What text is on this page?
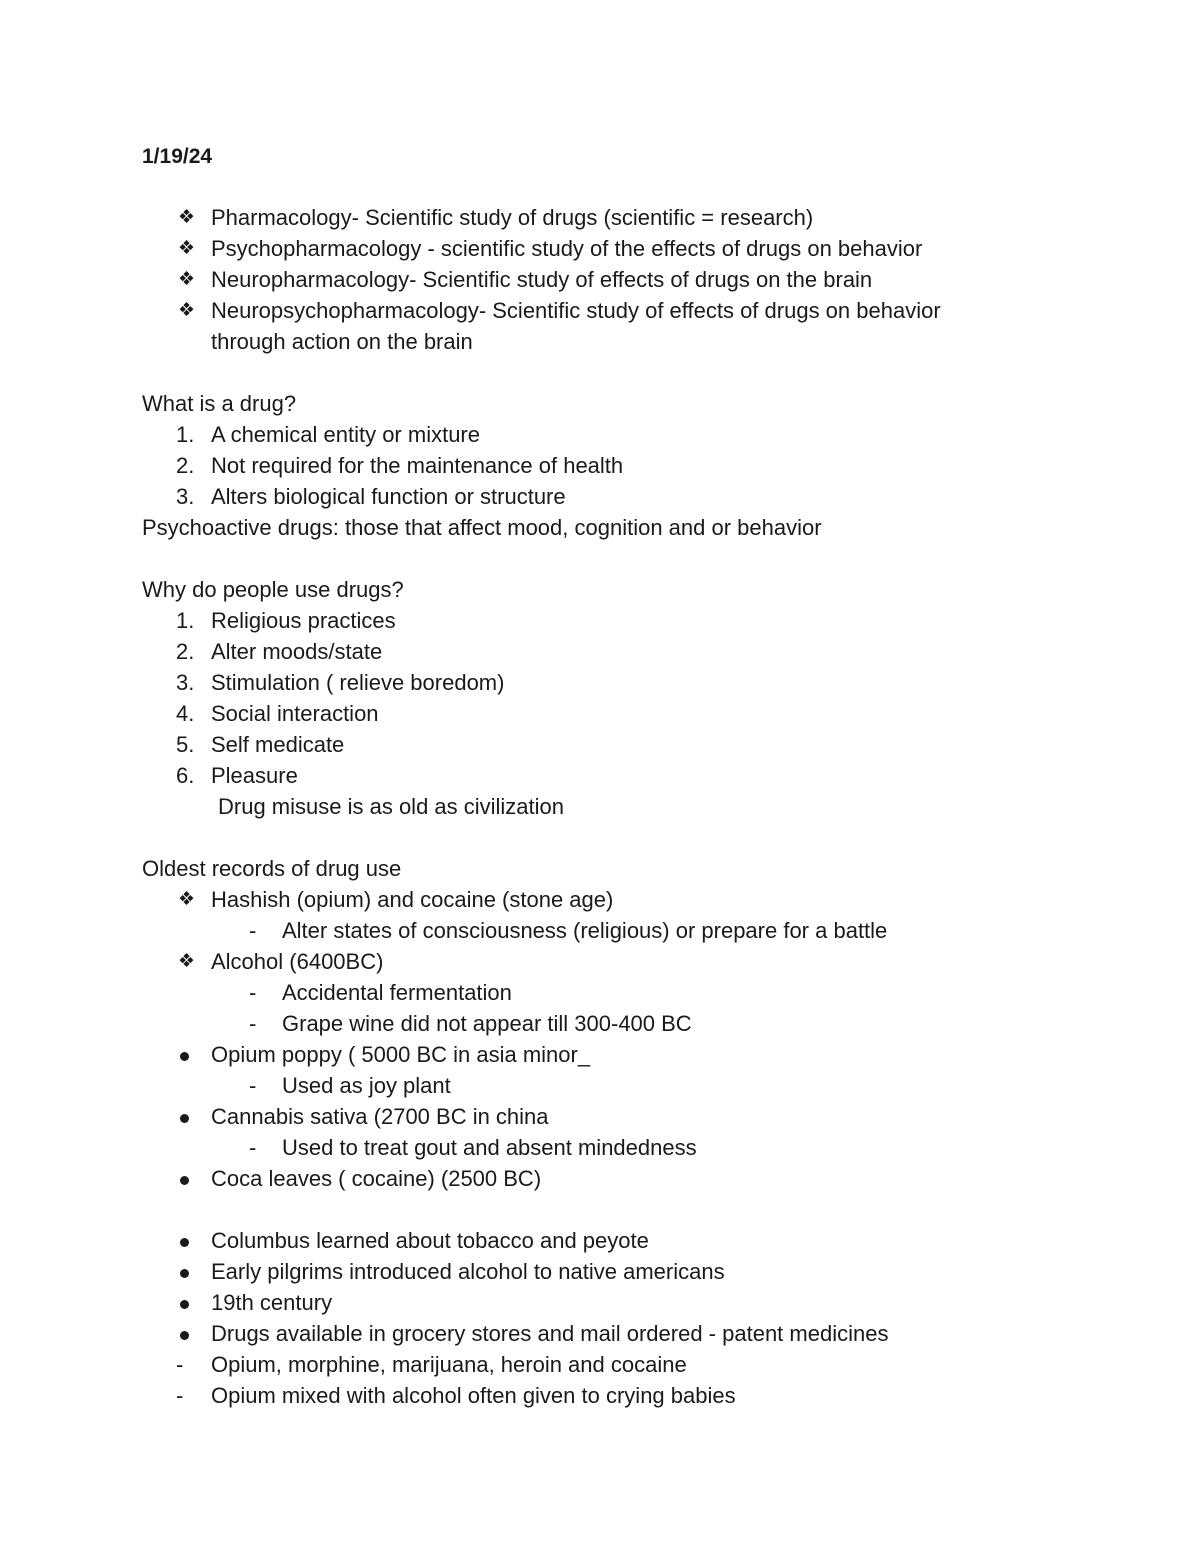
1/19/24
❖ Pharmacology- Scientific study of drugs (scientific = research)
❖ Psychopharmacology - scientific study of the effects of drugs on behavior
❖ Neuropharmacology- Scientific study of effects of drugs on the brain
❖ Neuropsychopharmacology- Scientific study of effects of drugs on behavior
through action on the brain
What is a drug?
1. A chemical entity or mixture
2. Not required for the maintenance of health
3. Alters biological function or structure
Psychoactive drugs: those that affect mood, cognition and or behavior
Why do people use drugs?
1. Religious practices
2. Alter moods/state
3. Stimulation ( relieve boredom)
4. Social interaction
5. Self medicate
6. Pleasure
Drug misuse is as old as civilization
Oldest records of drug use
❖ Hashish (opium) and cocaine (stone age)
- Alter states of consciousness (religious) or prepare for a battle
❖ Alcohol (6400BC)
- Accidental fermentation
- Grape wine did not appear till 300-400 BC
Opium poppy ( 5000 BC in asia minor_
- Used as joy plant
Cannabis sativa (2700 BC in china
- Used to treat gout and absent mindedness
Coca leaves ( cocaine) (2500 BC)
Columbus learned about tobacco and peyote
Early pilgrims introduced alcohol to native americans
19th century
Drugs available in grocery stores and mail ordered - patent medicines
- Opium, morphine, marijuana, heroin and cocaine
- Opium mixed with alcohol often given to crying babies
